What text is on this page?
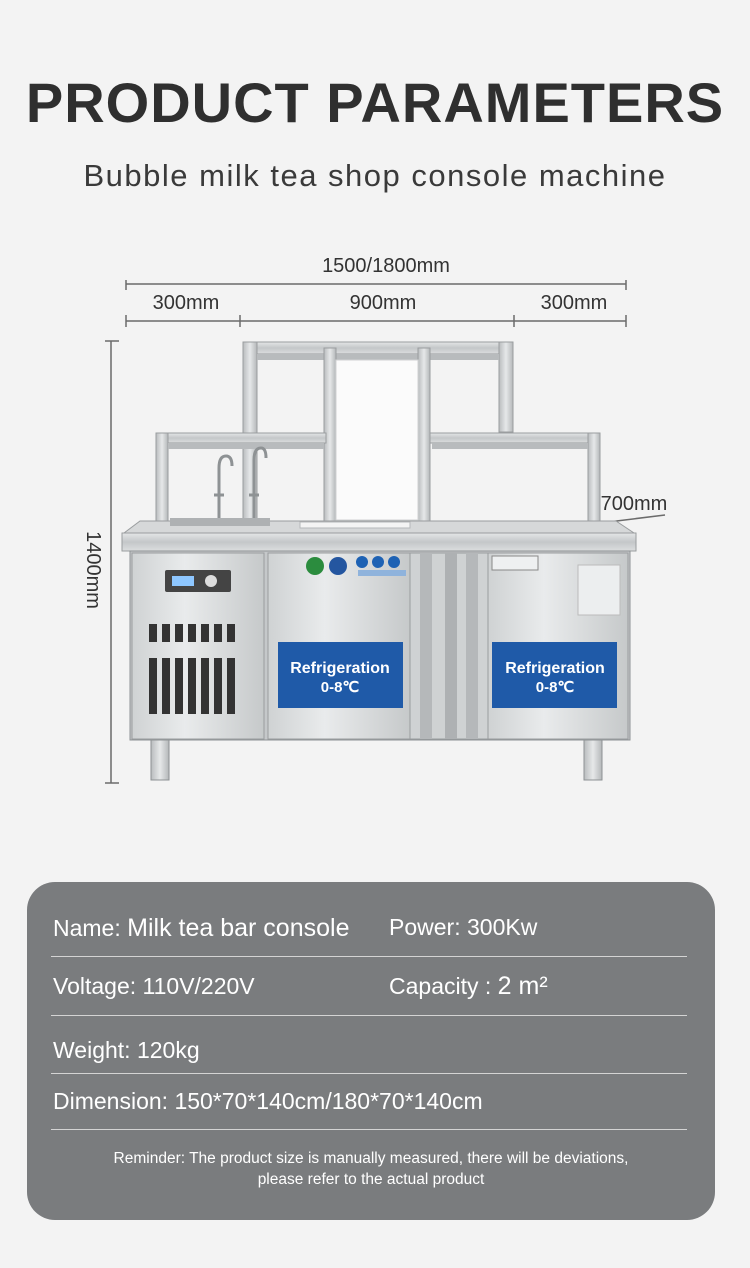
PRODUCT PARAMETERS
Bubble milk tea shop console machine
1500/1800mm
300mm	900mm	300mm
700mm
1400mm
Refrigeration
0-8℃
Refrigeration
0-8℃
Name: Milk tea bar console Power: 300Kw
Voltage: 110V/220V	Capacity : 2 m²
Weight: 120kg
Dimension: 150*70*140cm/180*70*140cm
Reminder: The product size is manually measured, there will be deviations,
please refer to the actual product
